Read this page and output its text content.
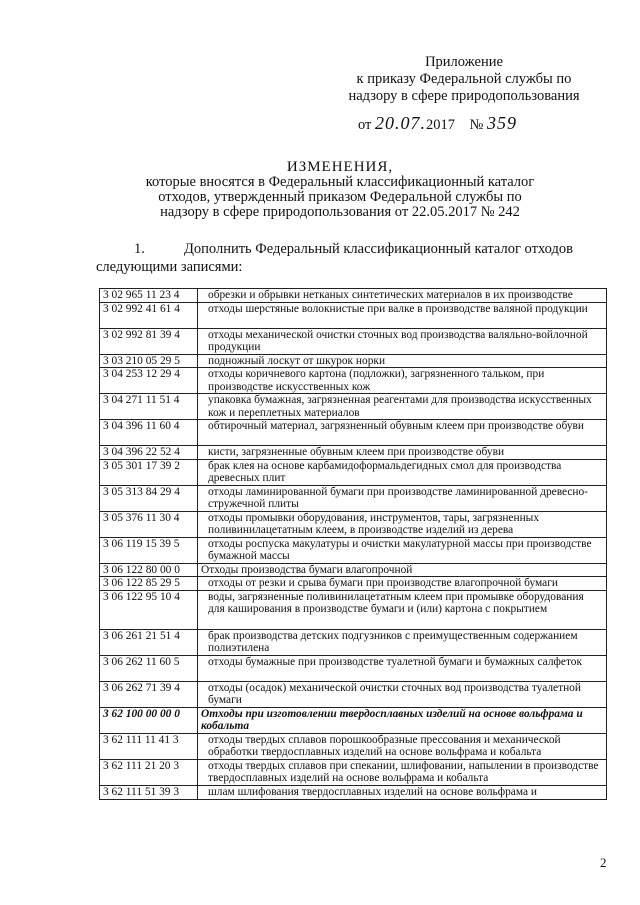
Приложение
к приказу Федеральной службы по
надзору в сфере природопользования
от 20.07.2017 № 359
ИЗМЕНЕНИЯ,
которые вносятся в Федеральный классификационный каталог
отходов, утвержденный приказом Федеральной службы по
надзору в сфере природопользования от 22.05.2017 № 242
1.	Дополнить Федеральный классификационный каталог отходов
следующими записями:
3 02 965 11 23 4	обрезки и обрывки нетканых синтетических материалов в их производстве
3 02 992 41 61 4	отходы шерстяные волокнистые при валке в производстве валяной продукции
3 02 992 81 39 4	отходы механической очистки сточных вод производства валяльно-войлочной продукции
3 03 210 05 29 5	подножный лоскут от шкурок норки
3 04 253 12 29 4	отходы коричневого картона (подложки), загрязненного тальком, при производстве искусственных кож
3 04 271 11 51 4	упаковка бумажная, загрязненная реагентами для производства искусственных кож и переплетных материалов
3 04 396 11 60 4	обтирочный материал, загрязненный обувным клеем при производстве обуви
3 04 396 22 52 4	кисти, загрязненные обувным клеем при производстве обуви
3 05 301 17 39 2	брак клея на основе карбамидоформальдегидных смол для производства древесных плит
3 05 313 84 29 4	отходы ламинированной бумаги при производстве ламинированной древесно-стружечной плиты
3 05 376 11 30 4	отходы промывки оборудования, инструментов, тары, загрязненных поливинилацетатным клеем, в производстве изделий из дерева
3 06 119 15 39 5	отходы роспуска макулатуры и очистки макулатурной массы при производстве бумажной массы
3 06 122 80 00 0	Отходы производства бумаги влагопрочной
3 06 122 85 29 5	отходы от резки и срыва бумаги при производстве влагопрочной бумаги
3 06 122 95 10 4	воды, загрязненные поливинилацетатным клеем при промывке оборудования для каширования в производстве бумаги и (или) картона с покрытием
3 06 261 21 51 4	брак производства детских подгузников с преимущественным содержанием полиэтилена
3 06 262 11 60 5	отходы бумажные при производстве туалетной бумаги и бумажных салфеток
3 06 262 71 39 4	отходы (осадок) механической очистки сточных вод производства туалетной бумаги
3 62 100 00 00 0	Отходы при изготовлении твердосплавных изделий на основе вольфрама и кобальта
3 62 111 11 41 3	отходы твердых сплавов порошкообразные прессования и механической обработки твердосплавных изделий на основе вольфрама и кобальта
3 62 111 21 20 3	отходы твердых сплавов при спекании, шлифовании, напылении в производстве твердосплавных изделий на основе вольфрама и кобальта
3 62 111 51 39 3	шлам шлифования твердосплавных изделий на основе вольфрама и
2
